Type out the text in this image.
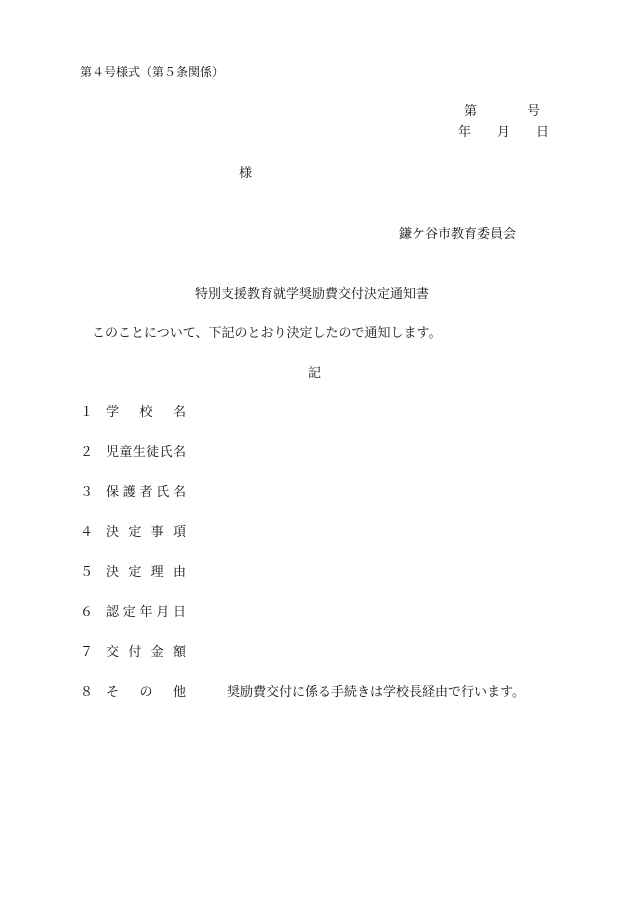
第４号様式（第５条関係）
第	号
年 月 日
様
鎌ケ谷市教育委員会
特別支援教育就学奨励費交付決定通知書
このことについて、下記のとおり決定したので通知します。
記
１ 学 校 名
２ 児 童 生 徒 氏 名
３ 保 護 者 氏 名
４ 決 定 事 項
５ 決 定 理 由
６ 認 定 年 月 日
７ 交 付 金 額
８ そ の 他	奨励費交付に係る手続きは学校長経由で行います。
